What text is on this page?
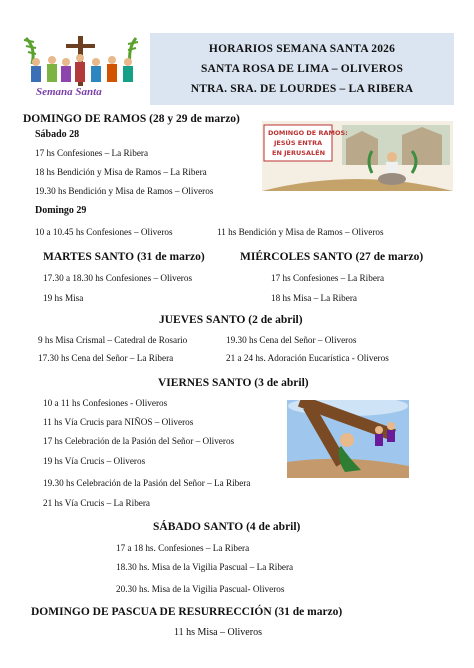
Semana Santa
HORARIOS SEMANA SANTA 2026
SANTA ROSA DE LIMA – OLIVEROS
NTRA. SRA. DE LOURDES – LA RIBERA
DOMINGO DE RAMOS (28 y 29 de marzo)
Sábado 28
17 hs Confesiones – La Ribera
18 hs Bendición y Misa de Ramos – La Ribera
19.30 hs Bendición y Misa de Ramos – Oliveros
Domingo 29
10 a 10.45 hs Confesiones – Oliveros	11 hs Bendición y Misa de Ramos – Oliveros
DOMINGO DE RAMOS:
JESÚS ENTRA
EN JERUSALÉN
MARTES SANTO (31 de marzo)	MIÉRCOLES SANTO (27 de marzo)
17.30 a 18.30 hs Confesiones – Oliveros	17 hs Confesiones – La Ribera
19 hs Misa	18 hs Misa – La Ribera
JUEVES SANTO (2 de abril)
9 hs Misa Crismal – Catedral de Rosario	19.30 hs Cena del Señor – Oliveros
17.30 hs Cena del Señor – La Ribera	21 a 24 hs. Adoración Eucarística - Oliveros
VIERNES SANTO (3 de abril)
10 a 11 hs Confesiones - Oliveros
11 hs Vía Crucis para NIÑOS – Oliveros
17 hs Celebración de la Pasión del Señor – Oliveros
19 hs Vía Crucis – Oliveros
19.30 hs Celebración de la Pasión del Señor – La Ribera
21 hs Vía Crucis – La Ribera
SÁBADO SANTO (4 de abril)
17 a 18 hs. Confesiones – La Ribera
18.30 hs. Misa de la Vigilia Pascual – La Ribera
20.30 hs. Misa de la Vigilia Pascual- Oliveros
DOMINGO DE PASCUA DE RESURRECCIÓN (31 de marzo)
11 hs Misa – Oliveros
